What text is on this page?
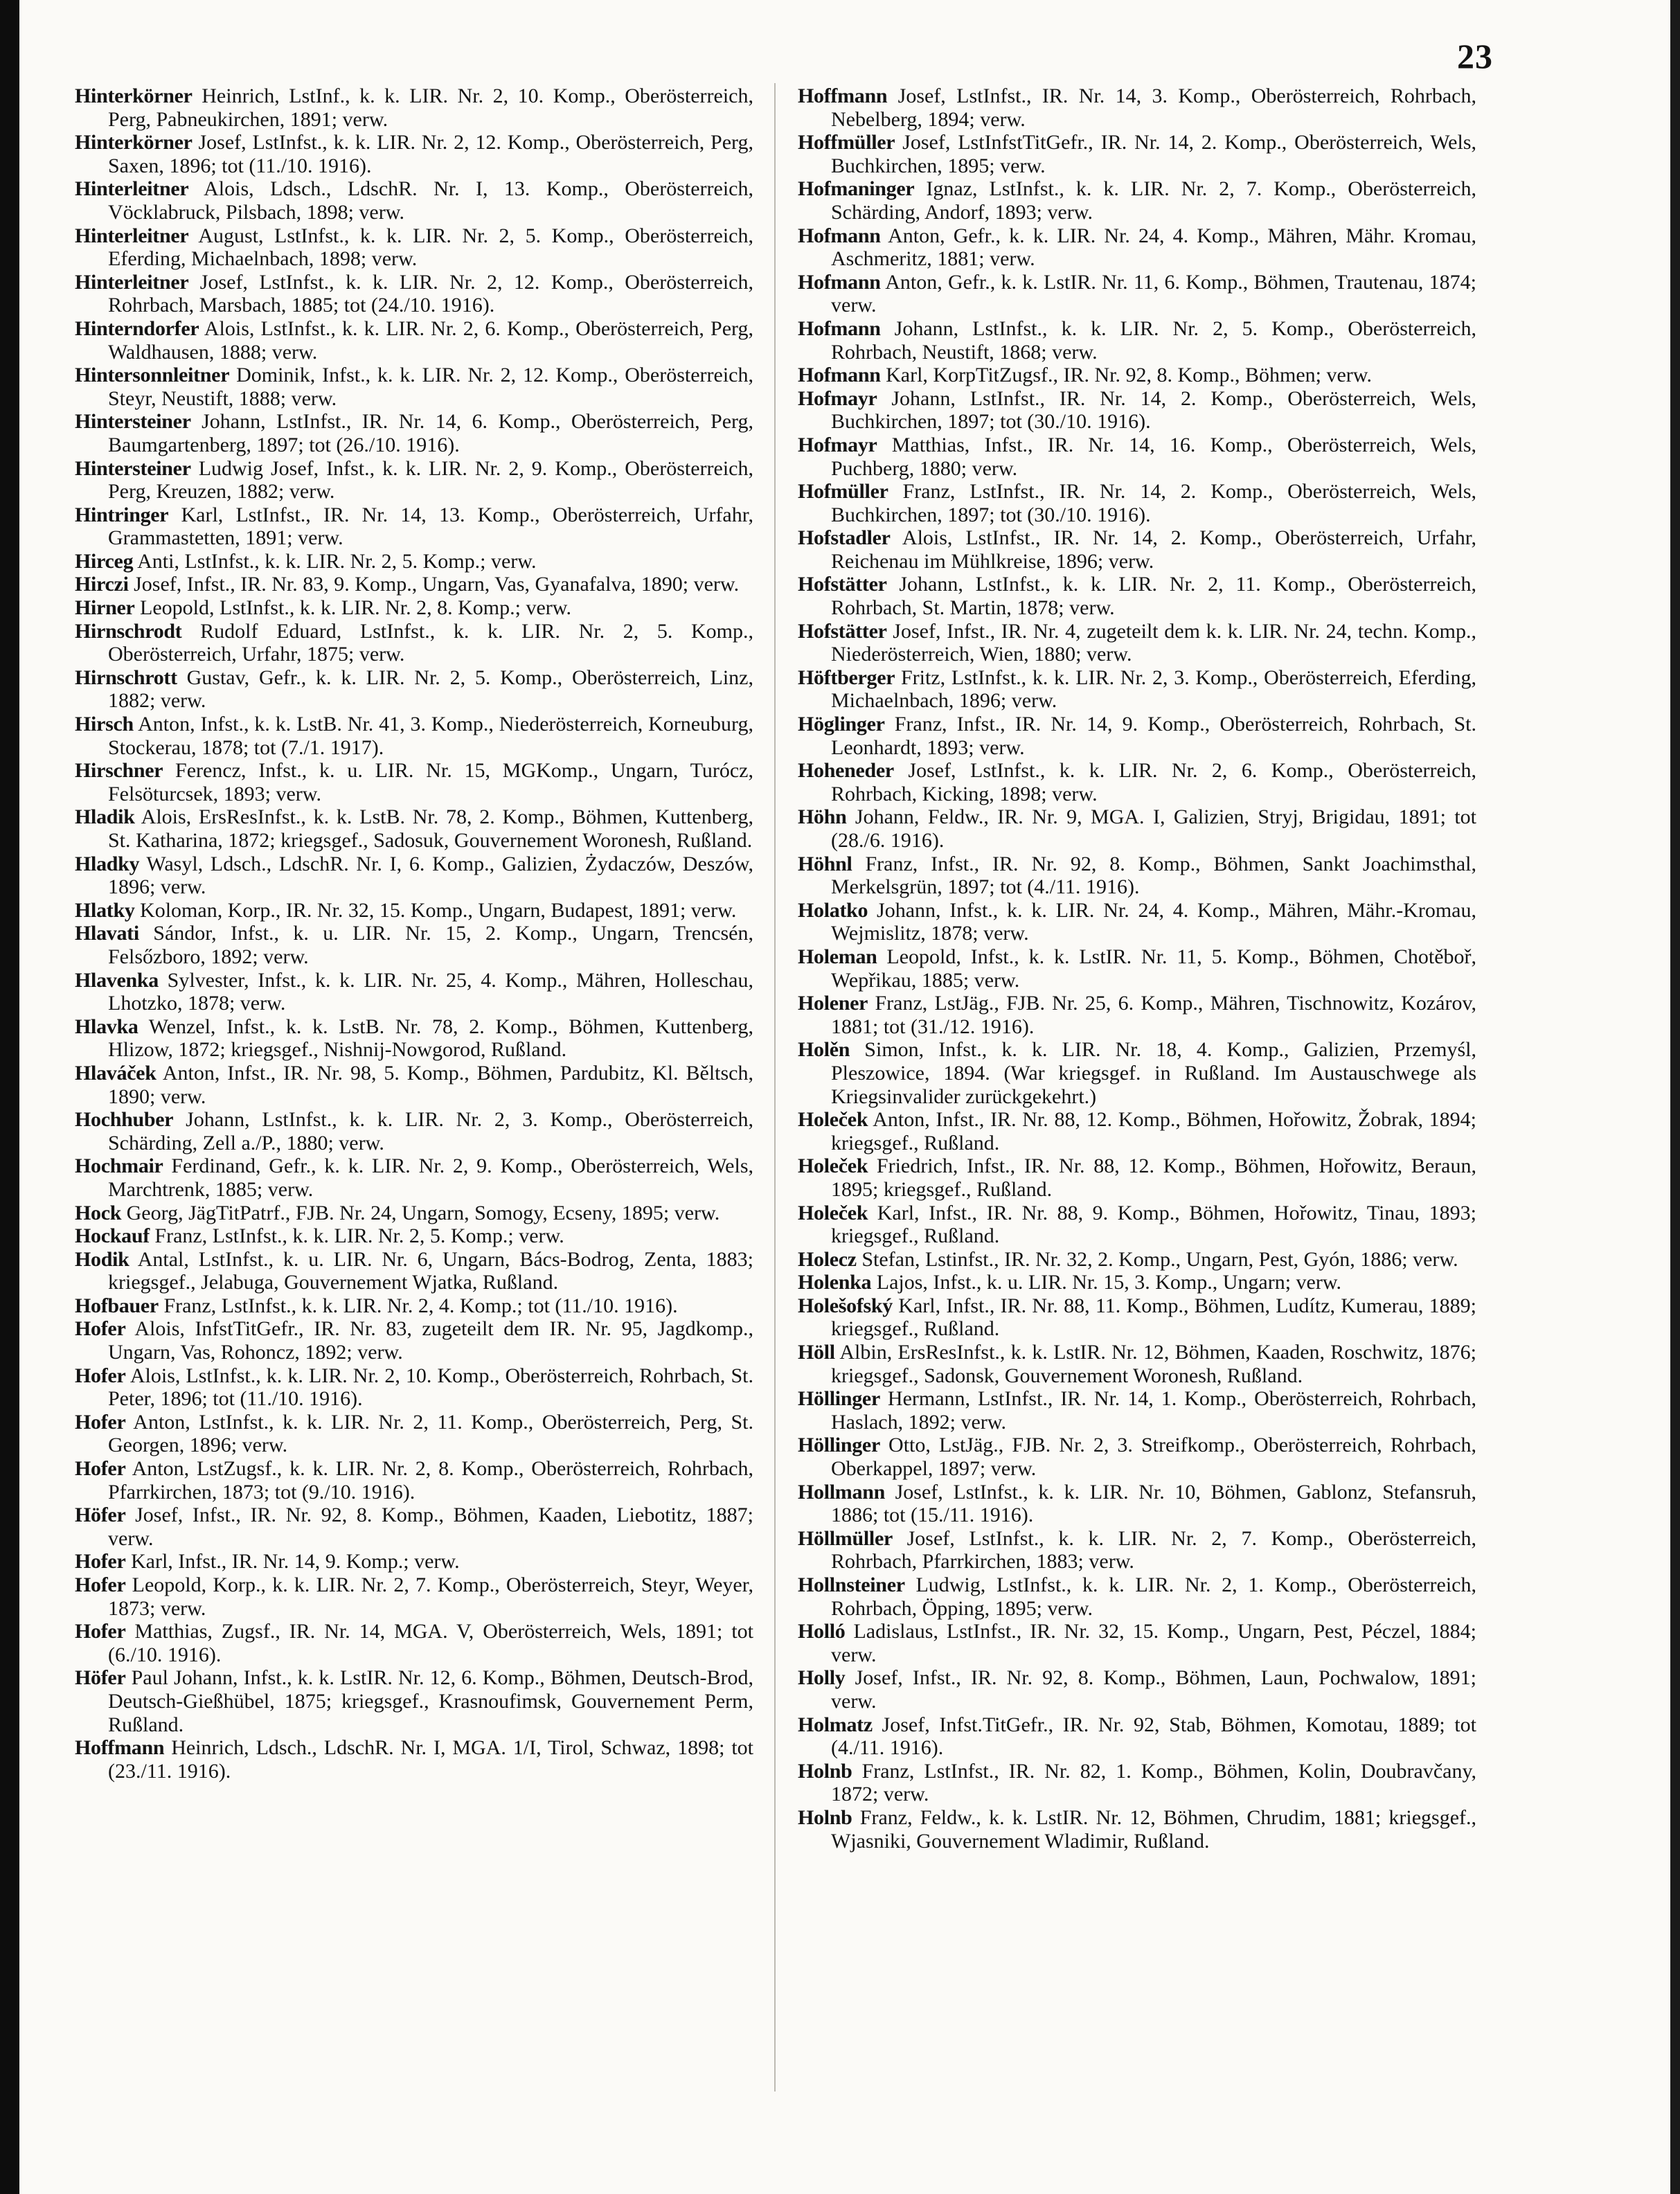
23

Hinterkörner Heinrich, LstInf., k. k. LIR. Nr. 2, 10. Komp., Oberösterreich, Perg, Pabneukirchen, 1891; verw.

Hinterkörner Josef, LstInfst., k. k. LIR. Nr. 2, 12. Komp., Oberösterreich, Perg, Saxen, 1896; tot (11./10. 1916).

Hinterleitner Alois, Ldsch., LdschR. Nr. I, 13. Komp., Oberösterreich, Vöcklabruck, Pilsbach, 1898; verw.

Hinterleitner August, LstInfst., k. k. LIR. Nr. 2, 5. Komp., Oberösterreich, Eferding, Michaelnbach, 1898; verw.

Hinterleitner Josef, LstInfst., k. k. LIR. Nr. 2, 12. Komp., Oberösterreich, Rohrbach, Marsbach, 1885; tot (24./10. 1916).

Hinterndorfer Alois, LstInfst., k. k. LIR. Nr. 2, 6. Komp., Oberösterreich, Perg, Waldhausen, 1888; verw.

Hintersonnleitner Dominik, Infst., k. k. LIR. Nr. 2, 12. Komp., Oberösterreich, Steyr, Neustift, 1888; verw.

Hintersteiner Johann, LstInfst., IR. Nr. 14, 6. Komp., Oberösterreich, Perg, Baumgartenberg, 1897; tot (26./10. 1916).

Hintersteiner Ludwig Josef, Infst., k. k. LIR. Nr. 2, 9. Komp., Oberösterreich, Perg, Kreuzen, 1882; verw.

Hintringer Karl, LstInfst., IR. Nr. 14, 13. Komp., Oberösterreich, Urfahr, Grammastetten, 1891; verw.

Hirceg Anti, LstInfst., k. k. LIR. Nr. 2, 5. Komp.; verw.

Hirczi Josef, Infst., IR. Nr. 83, 9. Komp., Ungarn, Vas, Gyanafalva, 1890; verw.

Hirner Leopold, LstInfst., k. k. LIR. Nr. 2, 8. Komp.; verw.

Hirnschrodt Rudolf Eduard, LstInfst., k. k. LIR. Nr. 2, 5. Komp., Oberösterreich, Urfahr, 1875; verw.

Hirnschrott Gustav, Gefr., k. k. LIR. Nr. 2, 5. Komp., Oberösterreich, Linz, 1882; verw.

Hirsch Anton, Infst., k. k. LstB. Nr. 41, 3. Komp., Niederösterreich, Korneuburg, Stockerau, 1878; tot (7./1. 1917).

Hirschner Ferencz, Infst., k. u. LIR. Nr. 15, MGKomp., Ungarn, Turócz, Felsöturcsek, 1893; verw.

Hladik Alois, ErsResInfst., k. k. LstB. Nr. 78, 2. Komp., Böhmen, Kuttenberg, St. Katharina, 1872; kriegsgef., Sadosuk, Gouvernement Woronesh, Rußland.

Hladky Wasyl, Ldsch., LdschR. Nr. I, 6. Komp., Galizien, Żydaczów, Deszów, 1896; verw.

Hlatky Koloman, Korp., IR. Nr. 32, 15. Komp., Ungarn, Budapest, 1891; verw.

Hlavati Sándor, Infst., k. u. LIR. Nr. 15, 2. Komp., Ungarn, Trencsén, Felsőzboro, 1892; verw.

Hlavenka Sylvester, Infst., k. k. LIR. Nr. 25, 4. Komp., Mähren, Holleschau, Lhotzko, 1878; verw.

Hlavka Wenzel, Infst., k. k. LstB. Nr. 78, 2. Komp., Böhmen, Kuttenberg, Hlizow, 1872; kriegsgef., Nishnij-Nowgorod, Rußland.

Hlaváček Anton, Infst., IR. Nr. 98, 5. Komp., Böhmen, Pardubitz, Kl. Běltsch, 1890; verw.

Hochhuber Johann, LstInfst., k. k. LIR. Nr. 2, 3. Komp., Oberösterreich, Schärding, Zell a./P., 1880; verw.

Hochmair Ferdinand, Gefr., k. k. LIR. Nr. 2, 9. Komp., Oberösterreich, Wels, Marchtrenk, 1885; verw.

Hock Georg, JägTitPatrf., FJB. Nr. 24, Ungarn, Somogy, Ecseny, 1895; verw.

Hockauf Franz, LstInfst., k. k. LIR. Nr. 2, 5. Komp.; verw.

Hodik Antal, LstInfst., k. u. LIR. Nr. 6, Ungarn, Bács-Bodrog, Zenta, 1883; kriegsgef., Jelabuga, Gouvernement Wjatka, Rußland.

Hofbauer Franz, LstInfst., k. k. LIR. Nr. 2, 4. Komp.; tot (11./10. 1916).

Hofer Alois, InfstTitGefr., IR. Nr. 83, zugeteilt dem IR. Nr. 95, Jagdkomp., Ungarn, Vas, Rohoncz, 1892; verw.

Hofer Alois, LstInfst., k. k. LIR. Nr. 2, 10. Komp., Oberösterreich, Rohrbach, St. Peter, 1896; tot (11./10. 1916).

Hofer Anton, LstInfst., k. k. LIR. Nr. 2, 11. Komp., Oberösterreich, Perg, St. Georgen, 1896; verw.

Hofer Anton, LstZugsf., k. k. LIR. Nr. 2, 8. Komp., Oberösterreich, Rohrbach, Pfarrkirchen, 1873; tot (9./10. 1916).

Höfer Josef, Infst., IR. Nr. 92, 8. Komp., Böhmen, Kaaden, Liebotitz, 1887; verw.

Hofer Karl, Infst., IR. Nr. 14, 9. Komp.; verw.

Hofer Leopold, Korp., k. k. LIR. Nr. 2, 7. Komp., Oberösterreich, Steyr, Weyer, 1873; verw.

Hofer Matthias, Zugsf., IR. Nr. 14, MGA. V, Oberösterreich, Wels, 1891; tot (6./10. 1916).

Höfer Paul Johann, Infst., k. k. LstIR. Nr. 12, 6. Komp., Böhmen, Deutsch-Brod, Deutsch-Gießhübel, 1875; kriegsgef., Krasnoufimsk, Gouvernement Perm, Rußland.

Hoffmann Heinrich, Ldsch., LdschR. Nr. I, MGA. 1/I, Tirol, Schwaz, 1898; tot (23./11. 1916).

Hoffmann Josef, LstInfst., IR. Nr. 14, 3. Komp., Oberösterreich, Rohrbach, Nebelberg, 1894; verw.

Hoffmüller Josef, LstInfstTitGefr., IR. Nr. 14, 2. Komp., Oberösterreich, Wels, Buchkirchen, 1895; verw.

Hofmaninger Ignaz, LstInfst., k. k. LIR. Nr. 2, 7. Komp., Oberösterreich, Schärding, Andorf, 1893; verw.

Hofmann Anton, Gefr., k. k. LIR. Nr. 24, 4. Komp., Mähren, Mähr. Kromau, Aschmeritz, 1881; verw.

Hofmann Anton, Gefr., k. k. LstIR. Nr. 11, 6. Komp., Böhmen, Trautenau, 1874; verw.

Hofmann Johann, LstInfst., k. k. LIR. Nr. 2, 5. Komp., Oberösterreich, Rohrbach, Neustift, 1868; verw.

Hofmann Karl, KorpTitZugsf., IR. Nr. 92, 8. Komp., Böhmen; verw.

Hofmayr Johann, LstInfst., IR. Nr. 14, 2. Komp., Oberösterreich, Wels, Buchkirchen, 1897; tot (30./10. 1916).

Hofmayr Matthias, Infst., IR. Nr. 14, 16. Komp., Oberösterreich, Wels, Puchberg, 1880; verw.

Hofmüller Franz, LstInfst., IR. Nr. 14, 2. Komp., Oberösterreich, Wels, Buchkirchen, 1897; tot (30./10. 1916).

Hofstadler Alois, LstInfst., IR. Nr. 14, 2. Komp., Oberösterreich, Urfahr, Reichenau im Mühlkreise, 1896; verw.

Hofstätter Johann, LstInfst., k. k. LIR. Nr. 2, 11. Komp., Oberösterreich, Rohrbach, St. Martin, 1878; verw.

Hofstätter Josef, Infst., IR. Nr. 4, zugeteilt dem k. k. LIR. Nr. 24, techn. Komp., Niederösterreich, Wien, 1880; verw.

Höftberger Fritz, LstInfst., k. k. LIR. Nr. 2, 3. Komp., Oberösterreich, Eferding, Michaelnbach, 1896; verw.

Höglinger Franz, Infst., IR. Nr. 14, 9. Komp., Oberösterreich, Rohrbach, St. Leonhardt, 1893; verw.

Hoheneder Josef, LstInfst., k. k. LIR. Nr. 2, 6. Komp., Oberösterreich, Rohrbach, Kicking, 1898; verw.

Höhn Johann, Feldw., IR. Nr. 9, MGA. I, Galizien, Stryj, Brigidau, 1891; tot (28./6. 1916).

Höhnl Franz, Infst., IR. Nr. 92, 8. Komp., Böhmen, Sankt Joachimsthal, Merkelsgrün, 1897; tot (4./11. 1916).

Holatko Johann, Infst., k. k. LIR. Nr. 24, 4. Komp., Mähren, Mähr.-Kromau, Wejmislitz, 1878; verw.

Holeman Leopold, Infst., k. k. LstIR. Nr. 11, 5. Komp., Böhmen, Chotěboř, Wepřikau, 1885; verw.

Holener Franz, LstJäg., FJB. Nr. 25, 6. Komp., Mähren, Tischnowitz, Kozárov, 1881; tot (31./12. 1916).

Holěn Simon, Infst., k. k. LIR. Nr. 18, 4. Komp., Galizien, Przemyśl, Pleszowice, 1894. (War kriegsgef. in Rußland. Im Austauschwege als Kriegsinvalider zurückgekehrt.)

Holeček Anton, Infst., IR. Nr. 88, 12. Komp., Böhmen, Hořowitz, Žobrak, 1894; kriegsgef., Rußland.

Holeček Friedrich, Infst., IR. Nr. 88, 12. Komp., Böhmen, Hořowitz, Beraun, 1895; kriegsgef., Rußland.

Holeček Karl, Infst., IR. Nr. 88, 9. Komp., Böhmen, Hořowitz, Tinau, 1893; kriegsgef., Rußland.

Holecz Stefan, Lstinfst., IR. Nr. 32, 2. Komp., Ungarn, Pest, Gyón, 1886; verw.

Holenka Lajos, Infst., k. u. LIR. Nr. 15, 3. Komp., Ungarn; verw.

Holešofský Karl, Infst., IR. Nr. 88, 11. Komp., Böhmen, Ludítz, Kumerau, 1889; kriegsgef., Rußland.

Höll Albin, ErsResInfst., k. k. LstIR. Nr. 12, Böhmen, Kaaden, Roschwitz, 1876; kriegsgef., Sadonsk, Gouvernement Woronesh, Rußland.

Höllinger Hermann, LstInfst., IR. Nr. 14, 1. Komp., Oberösterreich, Rohrbach, Haslach, 1892; verw.

Höllinger Otto, LstJäg., FJB. Nr. 2, 3. Streifkomp., Oberösterreich, Rohrbach, Oberkappel, 1897; verw.

Hollmann Josef, LstInfst., k. k. LIR. Nr. 10, Böhmen, Gablonz, Stefansruh, 1886; tot (15./11. 1916).

Höllmüller Josef, LstInfst., k. k. LIR. Nr. 2, 7. Komp., Oberösterreich, Rohrbach, Pfarrkirchen, 1883; verw.

Hollnsteiner Ludwig, LstInfst., k. k. LIR. Nr. 2, 1. Komp., Oberösterreich, Rohrbach, Öpping, 1895; verw.

Holló Ladislaus, LstInfst., IR. Nr. 32, 15. Komp., Ungarn, Pest, Péczel, 1884; verw.

Holly Josef, Infst., IR. Nr. 92, 8. Komp., Böhmen, Laun, Pochwalow, 1891; verw.

Holmatz Josef, Infst.TitGefr., IR. Nr. 92, Stab, Böhmen, Komotau, 1889; tot (4./11. 1916).

Holnb Franz, LstInfst., IR. Nr. 82, 1. Komp., Böhmen, Kolin, Doubravčany, 1872; verw.

Holnb Franz, Feldw., k. k. LstIR. Nr. 12, Böhmen, Chrudim, 1881; kriegsgef., Wjasniki, Gouvernement Wladimir, Rußland.
